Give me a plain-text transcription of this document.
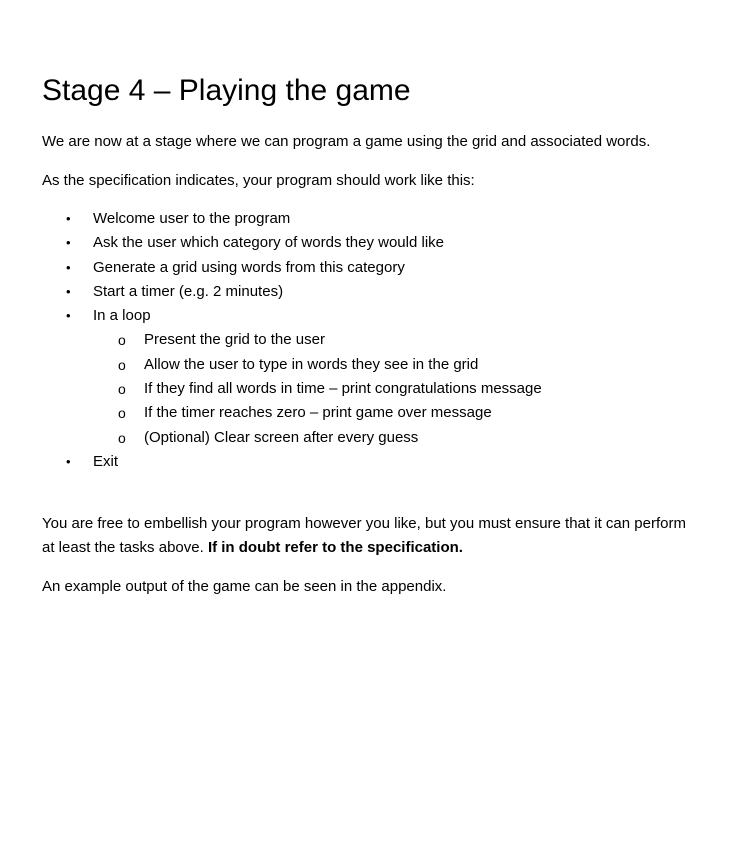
Stage 4 – Playing the game

We are now at a stage where we can program a game using the grid and associated words.

As the specification indicates, your program should work like this:

• Welcome user to the program
• Ask the user which category of words they would like
• Generate a grid using words from this category
• Start a timer (e.g. 2 minutes)
• In a loop
o Present the grid to the user
o Allow the user to type in words they see in the grid
o If they find all words in time – print congratulations message
o If the timer reaches zero – print game over message
o (Optional) Clear screen after every guess
• Exit

You are free to embellish your program however you like, but you must ensure that it can perform at least the tasks above. If in doubt refer to the specification.

An example output of the game can be seen in the appendix.
